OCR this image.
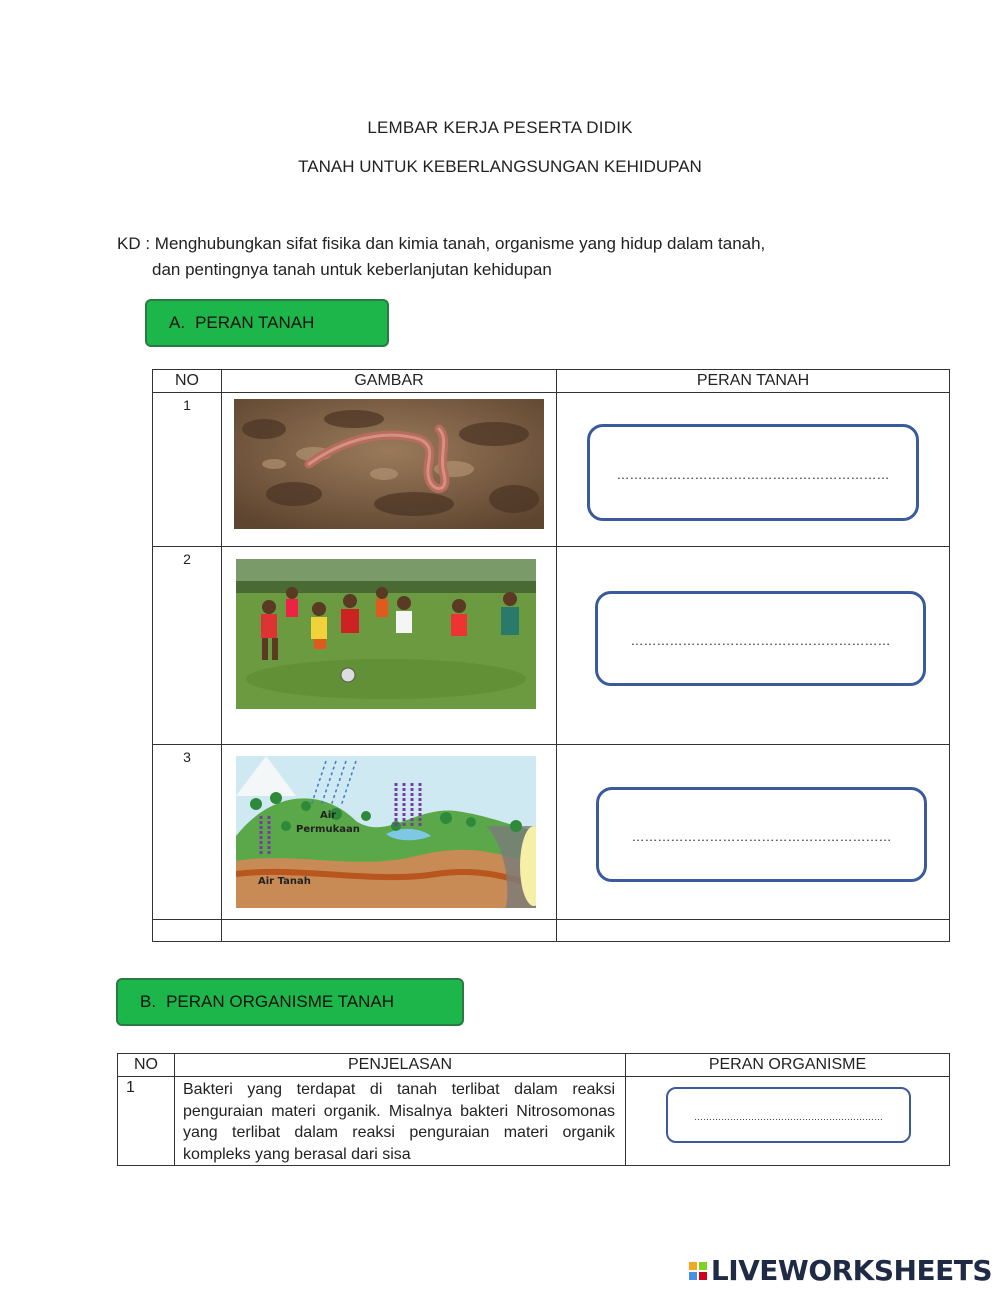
LEMBAR KERJA PESERTA DIDIK
TANAH UNTUK KEBERLANGSUNGAN KEHIDUPAN
KD : Menghubungkan sifat fisika dan kimia tanah, organisme yang hidup dalam tanah,
dan pentingnya tanah untuk keberlanjutan kehidupan
A. PERAN TANAH
NO	GAMBAR	PERAN TANAH
1		………………………………………………………

2		……………………………………………………

3	Air
Permukaan
Air Tanah	……………………………………………………

B. PERAN ORGANISME TANAH
NO	PENJELASAN	PERAN ORGANISME
1	Bakteri yang terdapat di tanah terlibat dalam reaksi penguraian materi organik. Misalnya bakteri Nitrosomonas yang terlibat dalam reaksi penguraian materi organik kompleks yang berasal dari sisa	………………………………………………………
LIVEWORKSHEETS
